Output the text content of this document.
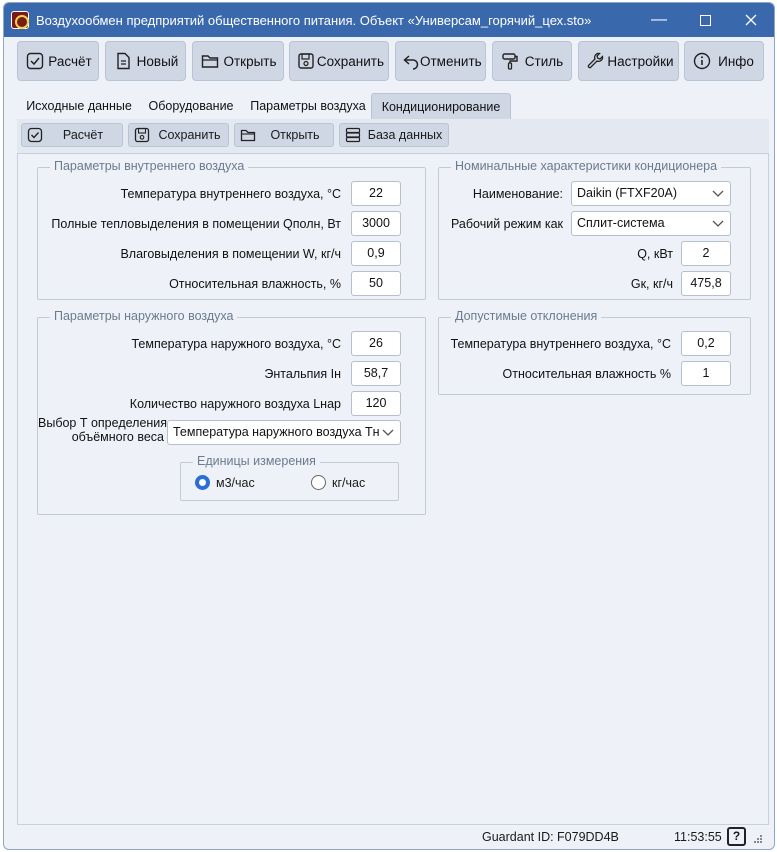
Воздухообмен предприятий общественного питания. Объект «Универсам_горячий_цех.sto»	—
Расчёт	Новый	Открыть	Сохранить	Отменить	Стиль	Настройки	Инфо
Исходные данные	Оборудование	Параметры воздуха	Кондиционирование
Расчёт	Сохранить	Открыть	База данных
Параметры внутреннего воздуха
Температура внутреннего воздуха, °C	22
Полные тепловыделения в помещении Qполн, Вт	3000
Влаговыделения в помещении W, кг/ч	0,9
Относительная влажность, %	50
Номинальные характеристики кондиционера
Наименование:	Daikin (FTXF20A)
Рабочий режим как	Сплит-система
Q, кВт	2
Gк, кг/ч	475,8
Параметры наружного воздуха
Температура наружного воздуха, °C	26
Энтальпия Iн	58,7
Количество наружного воздуха Lнар	120
Выбор Т определения
объёмного веса Температура наружного воздуха Тн
Единицы измерения
м3/час	кг/час
Допустимые отклонения
Температура внутреннего воздуха, °C	0,2
Относительная влажность %	1
Guardant ID: F079DD4B	11:53:55 ?
